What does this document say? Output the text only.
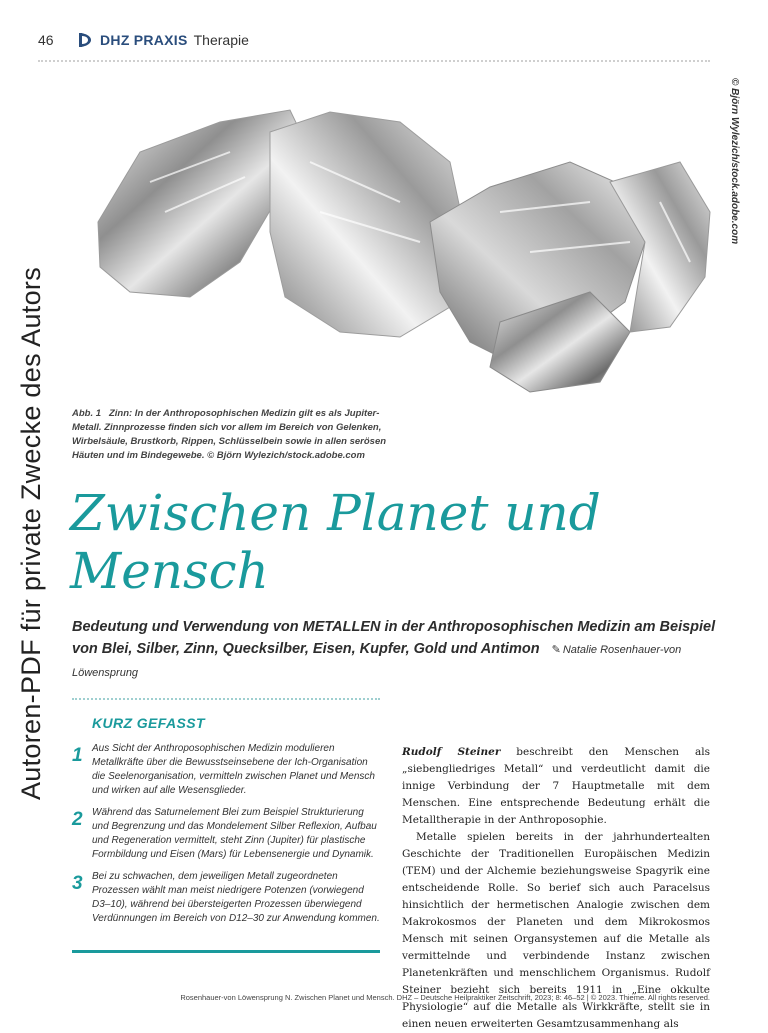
46	DHZ PRAXIS Therapie
© Björn Wylezich/stock.adobe.com
Autoren-PDF für private Zwecke des Autors	Abb. 1 Zinn: In der Anthroposophischen Medizin gilt es als Jupiter-Metall. Zinnprozesse finden sich vor allem im Bereich von Gelenken, Wirbelsäule, Brustkorb, Rippen, Schlüsselbein sowie in allen serösen Häuten und im Bindegewebe. © Björn Wylezich/stock.adobe.com
Zwischen Planet und
Mensch
Bedeutung und Verwendung von METALLEN in der Anthroposophischen Medizin am Beispiel von Blei, Silber, Zinn, Quecksilber, Eisen, Kupfer, Gold und Antimon ✎ Natalie Rosenhauer-von Löwensprung
KURZ GEFASST
1 Aus Sicht der Anthroposophischen Medizin modulieren Metallkräfte über die Bewusstseinsebene der Ich-Organisation die Seelenorganisation, vermitteln zwischen Planet und Mensch und wirken auf alle Wesensglieder.
2 Während das Saturnelement Blei zum Beispiel Strukturierung und Begrenzung und das Mondelement Silber Reflexion, Aufbau und Regeneration vermittelt, steht Zinn (Jupiter) für plastische Formbildung und Eisen (Mars) für Lebensenergie und Dynamik.
3 Bei zu schwachen, dem jeweiligen Metall zugeordneten Prozessen wählt man meist niedrigere Potenzen (vorwiegend D3–10), während bei übersteigerten Prozessen überwiegend Verdünnungen im Bereich von D12–30 zur Anwendung kommen.

Rudolf Steiner beschreibt den Menschen als „siebengliedriges Metall“ und verdeutlicht damit die innige Verbindung der 7 Hauptmetalle mit dem Menschen. Eine entsprechende Bedeutung erhält die Metalltherapie in der Anthroposophie.

Metalle spielen bereits in der jahrhundertealten Geschichte der Traditionellen Europäischen Medizin (TEM) und der Alchemie beziehungsweise Spagyrik eine entscheidende Rolle. So berief sich auch Paracelsus hinsichtlich der hermetischen Analogie zwischen dem Makrokosmos der Planeten und dem Mikrokosmos Mensch mit seinen Organsystemen auf die Metalle als vermittelnde und verbindende Instanz zwischen Planetenkräften und menschlichem Organismus. Rudolf Steiner bezieht sich bereits 1911 in „Eine okkulte Physiologie“ auf die Metalle als Wirkkräfte, stellt sie in einen neuen erweiterten Gesamtzusammenhang als

Rosenhauer-von Löwensprung N. Zwischen Planet und Mensch. DHZ – Deutsche Heilpraktiker Zeitschrift, 2023; 8: 46–52 | © 2023. Thieme. All rights reserved.
